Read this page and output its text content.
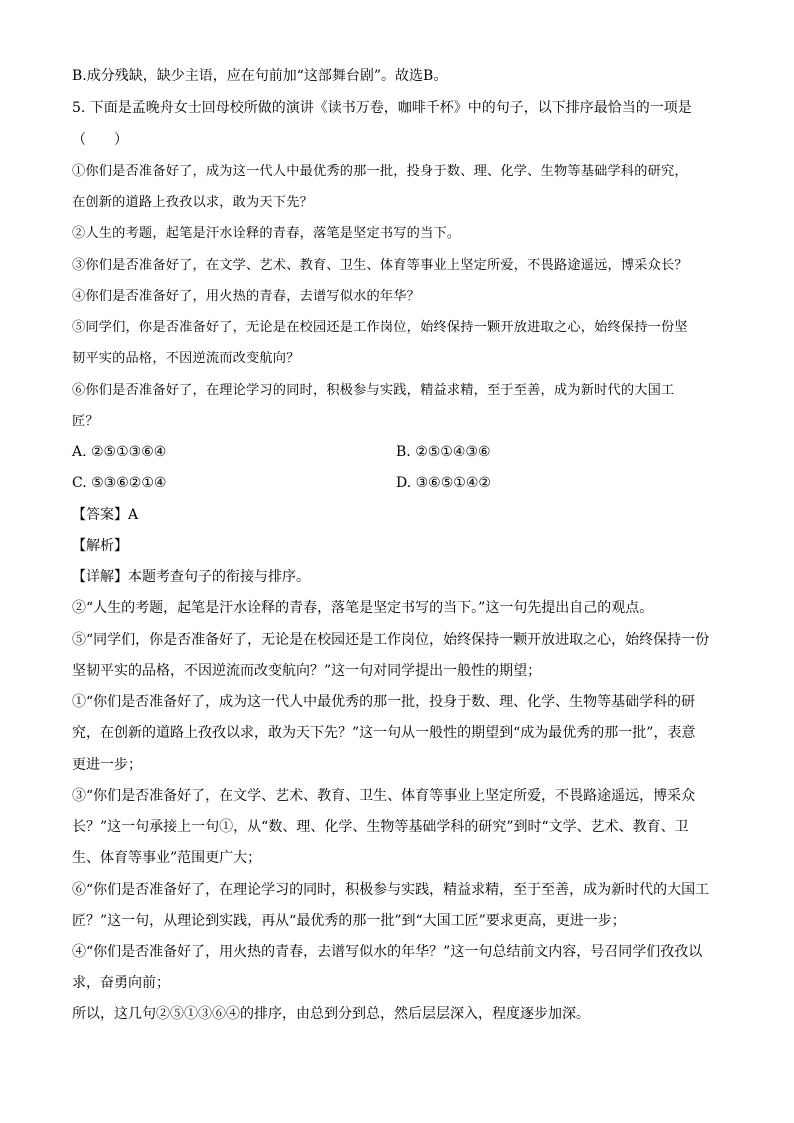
B.成分残缺，缺少主语，应在句前加“这部舞台剧”。故选B。
5. 下面是孟晚舟女士回母校所做的演讲《读书万卷，咖啡千杯》中的句子，以下排序最恰当的一项是
（　　）
①你们是否准备好了，成为这一代人中最优秀的那一批，投身于数、理、化学、生物等基础学科的研究，
在创新的道路上孜孜以求，敢为天下先？
②人生的考题，起笔是汗水诠释的青春，落笔是坚定书写的当下。
③你们是否准备好了，在文学、艺术、教育、卫生、体育等事业上坚定所爱，不畏路途遥远，博采众长？
④你们是否准备好了，用火热的青春，去谱写似水的年华？
⑤同学们，你是否准备好了，无论是在校园还是工作岗位，始终保持一颗开放进取之心，始终保持一份坚
韧平实的品格，不因逆流而改变航向？
⑥你们是否准备好了，在理论学习的同时，积极参与实践，精益求精，至于至善，成为新时代的大国工
匠？
A. ②⑤①③⑥④	B. ②⑤①④③⑥
C. ⑤③⑥②①④	D. ③⑥⑤①④②
【答案】A
【解析】
【详解】本题考查句子的衔接与排序。
②“人生的考题，起笔是汗水诠释的青春，落笔是坚定书写的当下。”这一句先提出自己的观点。
⑤“同学们，你是否准备好了，无论是在校园还是工作岗位，始终保持一颗开放进取之心，始终保持一份
坚韧平实的品格，不因逆流而改变航向？”这一句对同学提出一般性的期望；
①“你们是否准备好了，成为这一代人中最优秀的那一批，投身于数、理、化学、生物等基础学科的研
究，在创新的道路上孜孜以求，敢为天下先？”这一句从一般性的期望到“成为最优秀的那一批”，表意
更进一步；
③“你们是否准备好了，在文学、艺术、教育、卫生、体育等事业上坚定所爱，不畏路途遥远，博采众
长？”这一句承接上一句①，从“数、理、化学、生物等基础学科的研究”到时“文学、艺术、教育、卫
生、体育等事业”范围更广大；
⑥“你们是否准备好了，在理论学习的同时，积极参与实践，精益求精，至于至善，成为新时代的大国工
匠？”这一句，从理论到实践，再从“最优秀的那一批”到“大国工匠”要求更高，更进一步；
④“你们是否准备好了，用火热的青春，去谱写似水的年华？”这一句总结前文内容，号召同学们孜孜以
求，奋勇向前；
所以，这几句②⑤①③⑥④的排序，由总到分到总，然后层层深入，程度逐步加深。
